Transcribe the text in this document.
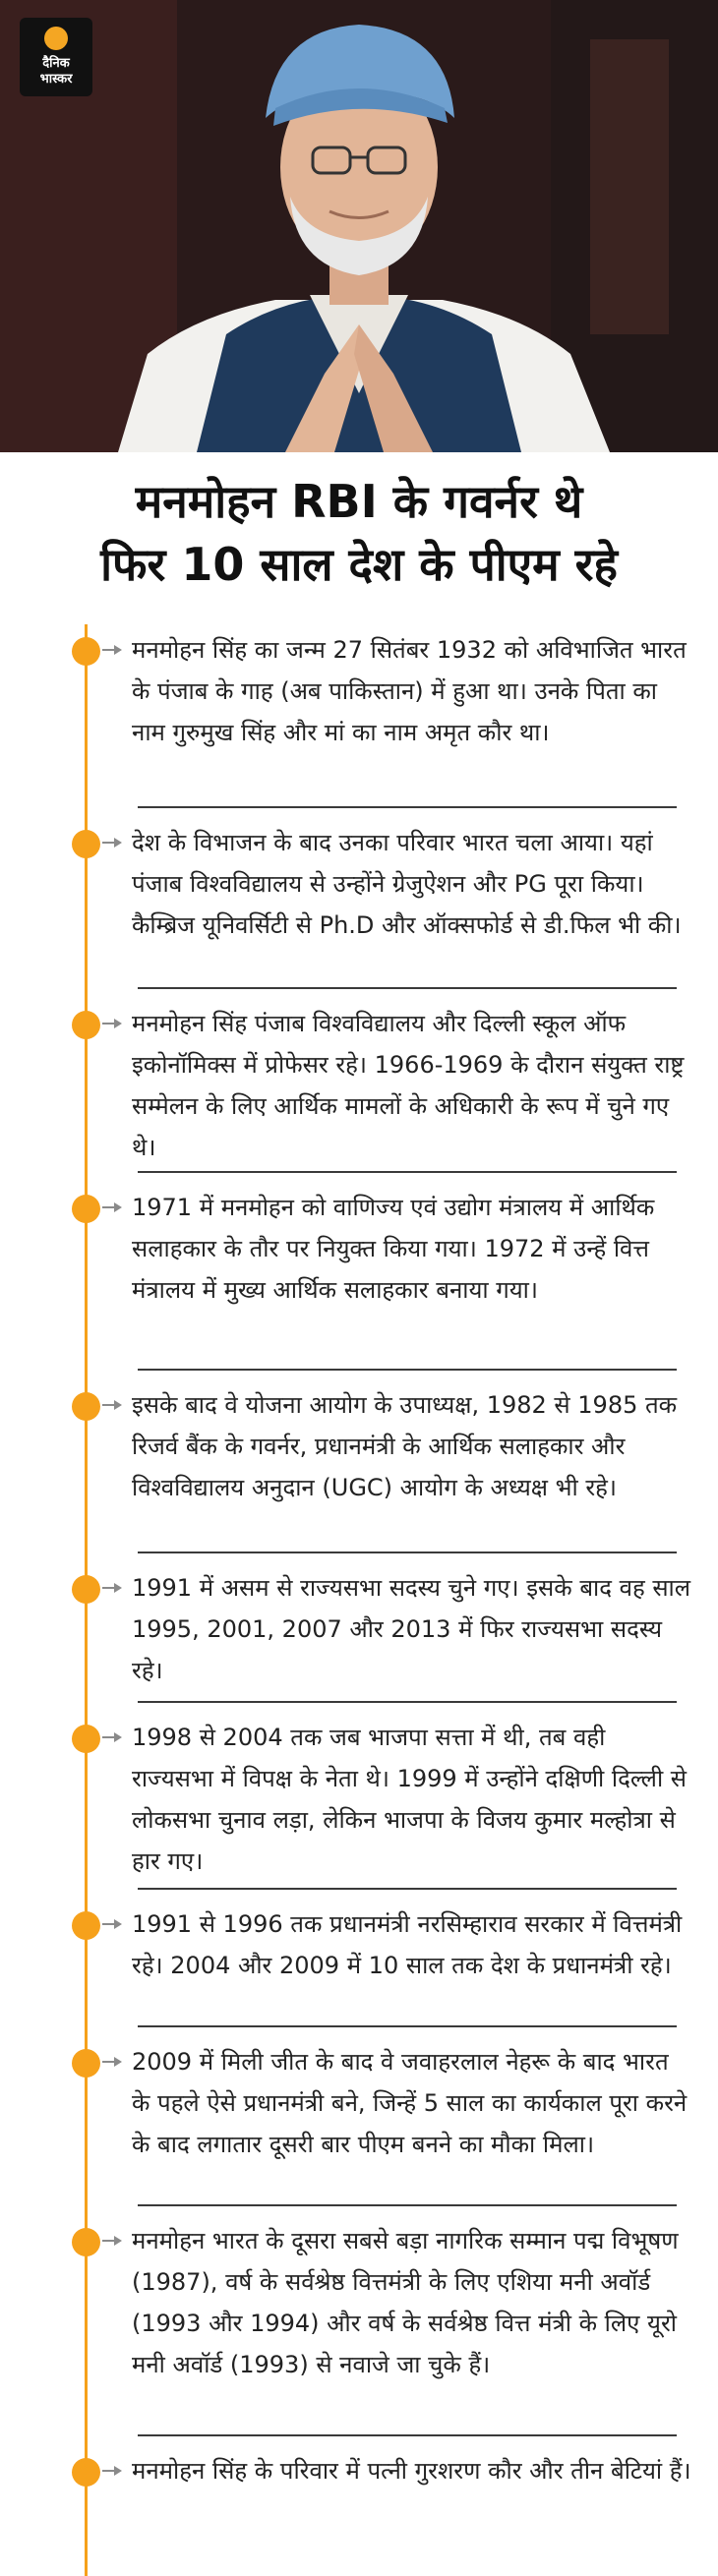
दैनिक
भास्कर
मनमोहन RBI के गवर्नर थे
फिर 10 साल देश के पीएम रहे
मनमोहन सिंह का जन्म 27 सितंबर 1932 को अविभाजित भारत के पंजाब के गाह (अब पाकिस्तान) में हुआ था। उनके पिता का नाम गुरुमुख सिंह और मां का नाम अमृत कौर था।
देश के विभाजन के बाद उनका परिवार भारत चला आया। यहां पंजाब विश्वविद्यालय से उन्होंने ग्रेजुऐशन और PG पूरा किया। कैम्ब्रिज यूनिवर्सिटी से Ph.D और ऑक्सफोर्ड से डी.फिल भी की।
मनमोहन सिंह पंजाब विश्वविद्यालय और दिल्ली स्कूल ऑफ इकोनॉमिक्स में प्रोफेसर रहे। 1966-1969 के दौरान संयुक्त राष्ट्र सम्मेलन के लिए आर्थिक मामलों के अधिकारी के रूप में चुने गए थे।
1971 में मनमोहन को वाणिज्य एवं उद्योग मंत्रालय में आर्थिक सलाहकार के तौर पर नियुक्त किया गया। 1972 में उन्हें वित्त मंत्रालय में मुख्य आर्थिक सलाहकार बनाया गया।
इसके बाद वे योजना आयोग के उपाध्यक्ष, 1982 से 1985 तक रिजर्व बैंक के गवर्नर, प्रधानमंत्री के आर्थिक सलाहकार और विश्वविद्यालय अनुदान (UGC) आयोग के अध्यक्ष भी रहे।
1991 में असम से राज्यसभा सदस्य चुने गए। इसके बाद वह साल 1995, 2001, 2007 और 2013 में फिर राज्यसभा सदस्य रहे।
1998 से 2004 तक जब भाजपा सत्ता में थी, तब वही राज्यसभा में विपक्ष के नेता थे। 1999 में उन्होंने दक्षिणी दिल्ली से लोकसभा चुनाव लड़ा, लेकिन भाजपा के विजय कुमार मल्होत्रा से हार गए।
1991 से 1996 तक प्रधानमंत्री नरसिम्हाराव सरकार में वित्तमंत्री रहे। 2004 और 2009 में 10 साल तक देश के प्रधानमंत्री रहे।
2009 में मिली जीत के बाद वे जवाहरलाल नेहरू के बाद भारत के पहले ऐसे प्रधानमंत्री बने, जिन्हें 5 साल का कार्यकाल पूरा करने के बाद लगातार दूसरी बार पीएम बनने का मौका मिला।
मनमोहन भारत के दूसरा सबसे बड़ा नागरिक सम्मान पद्म विभूषण (1987), वर्ष के सर्वश्रेष्ठ वित्तमंत्री के लिए एशिया मनी अवॉर्ड (1993 और 1994) और वर्ष के सर्वश्रेष्ठ वित्त मंत्री के लिए यूरो मनी अवॉर्ड (1993) से नवाजे जा चुके हैं।
मनमोहन सिंह के परिवार में पत्नी गुरशरण कौर और तीन बेटियां हैं।
